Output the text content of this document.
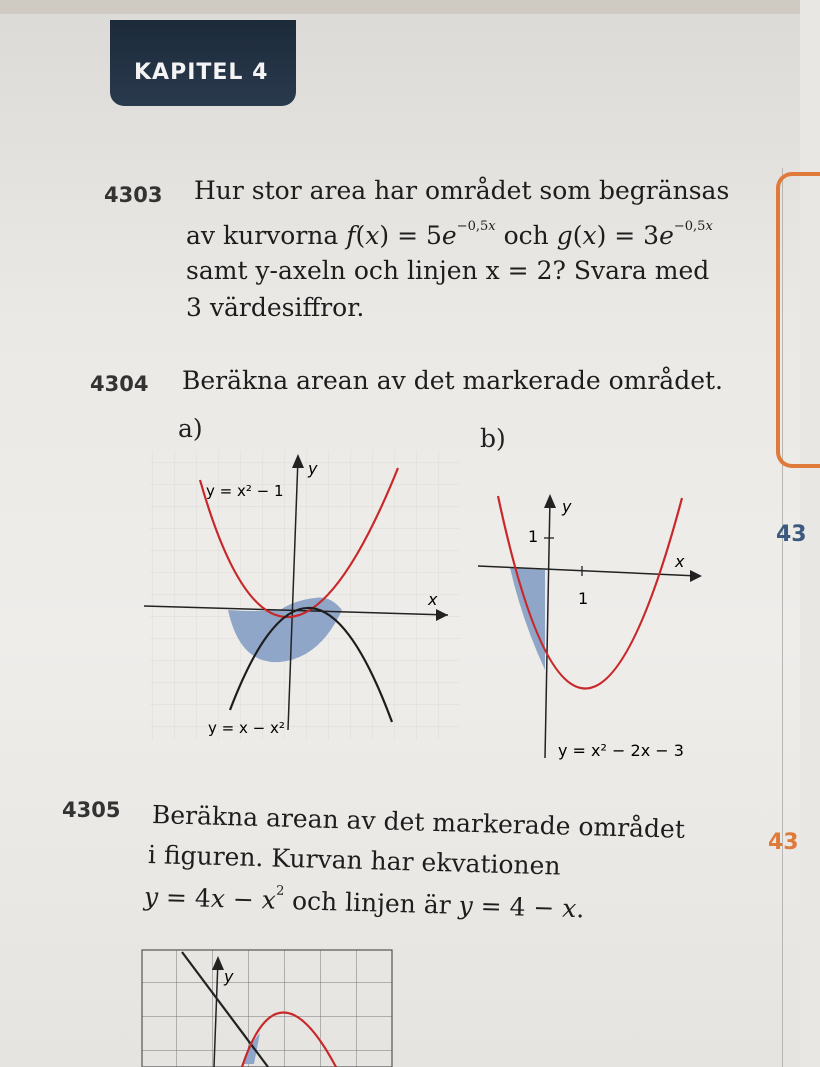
KAPITEL 4
43
43
4303 Hur stor area har området som begränsas
av kurvorna $f(x) = 5e^{-0,5x}$ och $g(x) = 3e^{-0,5x}$
samt y-axeln och linjen x = 2? Svara med
3 värdesiffror.
4304 Beräkna arean av det markerade området.
a)	b)
y = x² − 1
y = x − x²
x
y
1
1
y
x
y = x² − 2x − 3
4305 Beräkna arean av det markerade området
i figuren. Kurvan har ekvationen
$y = 4x - x^2$ och linjen är y = 4 − x.
y
